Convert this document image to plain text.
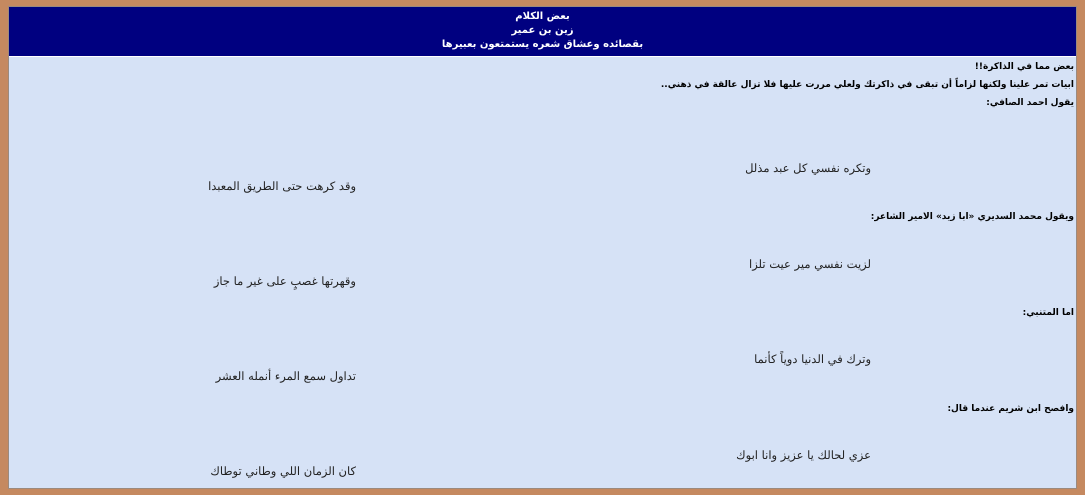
بعض الكلام
زين بن عمير
بقصائده وعشاق شعره يستمتعون بعبيرها
بعض مما في الذاكرة!!
ابيات تمر علينا ولكنها لزاماً أن تبقى في ذاكرتك ولعلي مررت عليها فلا تزال عالقة في ذهني..
يقول احمد الصافي:
وتكره نفسي كل عبد مذلل
وقد كرهت حتى الطريق المعبدا
ويقول محمد السديري «ابا زيد» الامير الشاعر:
لزيت نفسي مير عيت تلزا
وقهرتها غصبٍ على غير ما جاز
اما المتنبي:
وترك في الدنيا دوياً كأنما
تداول سمع المرء أنمله العشر
وافصح ابن شريم عندما قال:
عزي لحالك يا عزيز وانا ابوك
كان الزمان اللي وطاني توطاك
